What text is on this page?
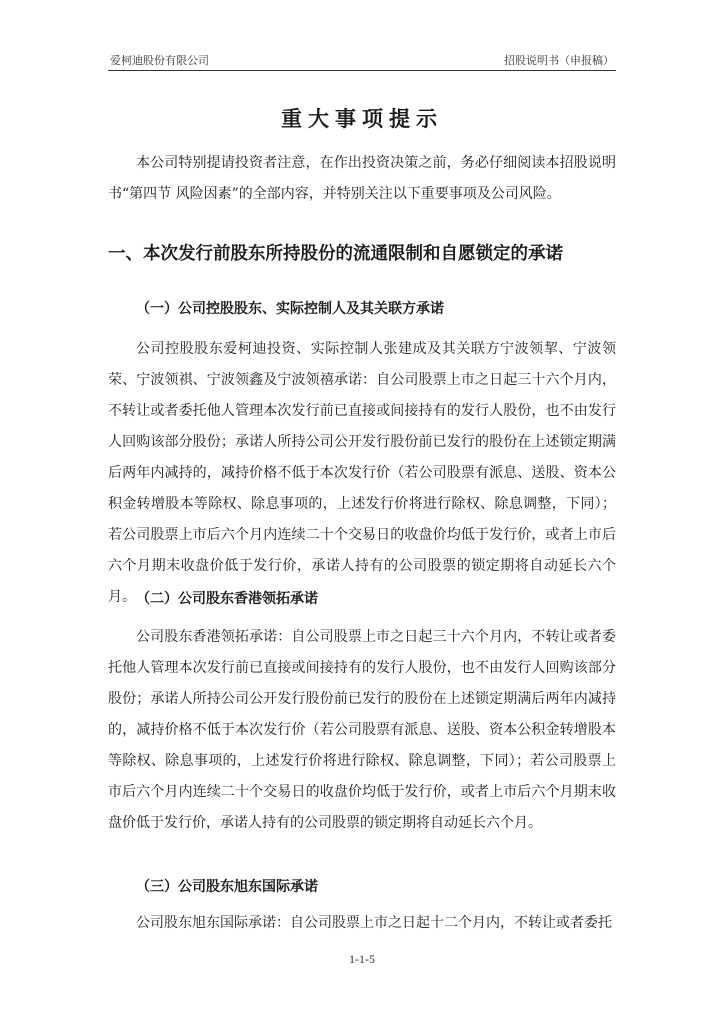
爱柯迪股份有限公司	招股说明书（申报稿）
重大事项提示

本公司特别提请投资者注意，在作出投资决策之前，务必仔细阅读本招股说明书“第四节 风险因素”的全部内容，并特别关注以下重要事项及公司风险。

一、本次发行前股东所持股份的流通限制和自愿锁定的承诺
（一）公司控股股东、实际控制人及其关联方承诺

公司控股股东爱柯迪投资、实际控制人张建成及其关联方宁波领挈、宁波领荣、宁波领祺、宁波领鑫及宁波领禧承诺：自公司股票上市之日起三十六个月内，不转让或者委托他人管理本次发行前已直接或间接持有的发行人股份，也不由发行人回购该部分股份；承诺人所持公司公开发行股份前已发行的股份在上述锁定期满后两年内减持的，减持价格不低于本次发行价（若公司股票有派息、送股、资本公积金转增股本等除权、除息事项的，上述发行价将进行除权、除息调整，下同）；若公司股票上市后六个月内连续二十个交易日的收盘价均低于发行价，或者上市后六个月期末收盘价低于发行价，承诺人持有的公司股票的锁定期将自动延长六个月。 （二）公司股东香港领拓承诺

公司股东香港领拓承诺：自公司股票上市之日起三十六个月内，不转让或者委托他人管理本次发行前已直接或间接持有的发行人股份，也不由发行人回购该部分股份；承诺人所持公司公开发行股份前已发行的股份在上述锁定期满后两年内减持的，减持价格不低于本次发行价（若公司股票有派息、送股、资本公积金转增股本等除权、除息事项的，上述发行价将进行除权、除息调整，下同）；若公司股票上市后六个月内连续二十个交易日的收盘价均低于发行价，或者上市后六个月期末收盘价低于发行价，承诺人持有的公司股票的锁定期将自动延长六个月。

（三）公司股东旭东国际承诺

公司股东旭东国际承诺：自公司股票上市之日起十二个月内，不转让或者委托

1-1-5
